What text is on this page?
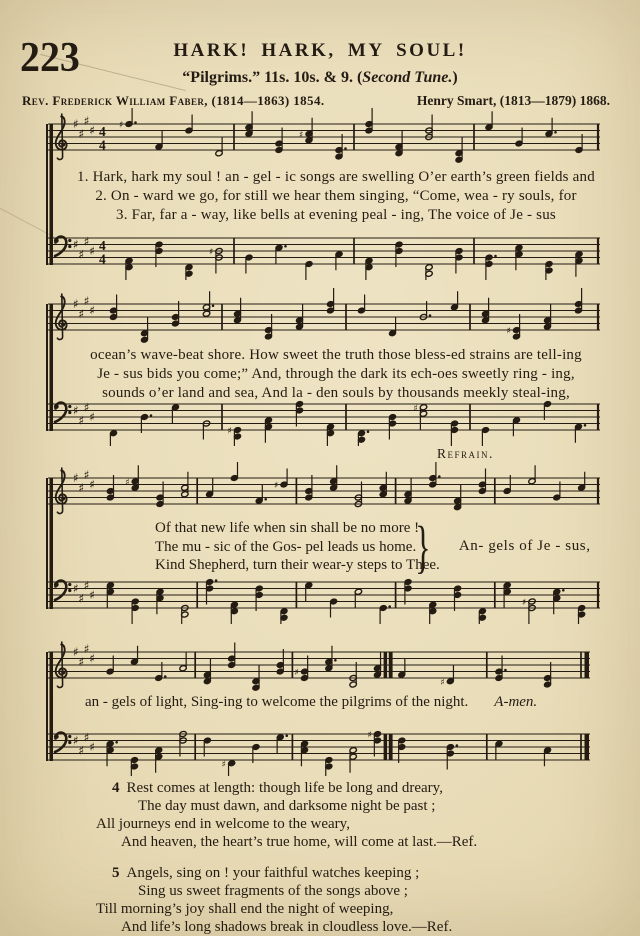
223	HARK! HARK, MY SOUL!
“Pilgrims.” 11s. 10s. & 9. (Second Tune.)
Rev. Frederick William Faber, (1814—1863) 1854.	Henry Smart, (1813—1879) 1868.
♯
♯
♯
♯ 4
4
♯
♯
♯
♯
♯
♯ 4
4	♯
♯
♯
♯
♯
♯
♯
♯
♯
♯
♯
♯
♯
♯
♯
♯	♯	♯
♯
♯
♯
♯
♯
♯
♯
♯
♯
♯
♯
♯
♯
♯
♯
♯
♯
Refrain.
1. Hark, hark my soul ! an - gel - ic songs are swelling O’er earth’s green fields and
2. On - ward we go, for still we hear them singing, “Come, wea - ry souls, for
3. Far, far a - way, like bells at evening peal - ing, The voice of Je - sus
ocean’s wave-beat shore. How sweet the truth those bless-ed strains are tell-ing
Je - sus bids you come;” And, through the dark its ech-oes sweetly ring - ing,
sounds o’er land and sea, And la - den souls by thousands meekly steal-ing,
Of that new life when sin shall be no more !
The mu - sic of the Gos- pel leads us home.
Kind Shepherd, turn their wear-y steps to Thee.
} An- gels of Je - sus,
an - gels of light, Sing-ing to welcome the pilgrims of the night. A-men.
4 Rest comes at length: though life be long and dreary,
The day must dawn, and darksome night be past ;
All journeys end in welcome to the weary,
And heaven, the heart’s true home, will come at last.—Ref.
5 Angels, sing on ! your faithful watches keeping ;
Sing us sweet fragments of the songs above ;
Till morning’s joy shall end the night of weeping,
And life’s long shadows break in cloudless love.—Ref.
